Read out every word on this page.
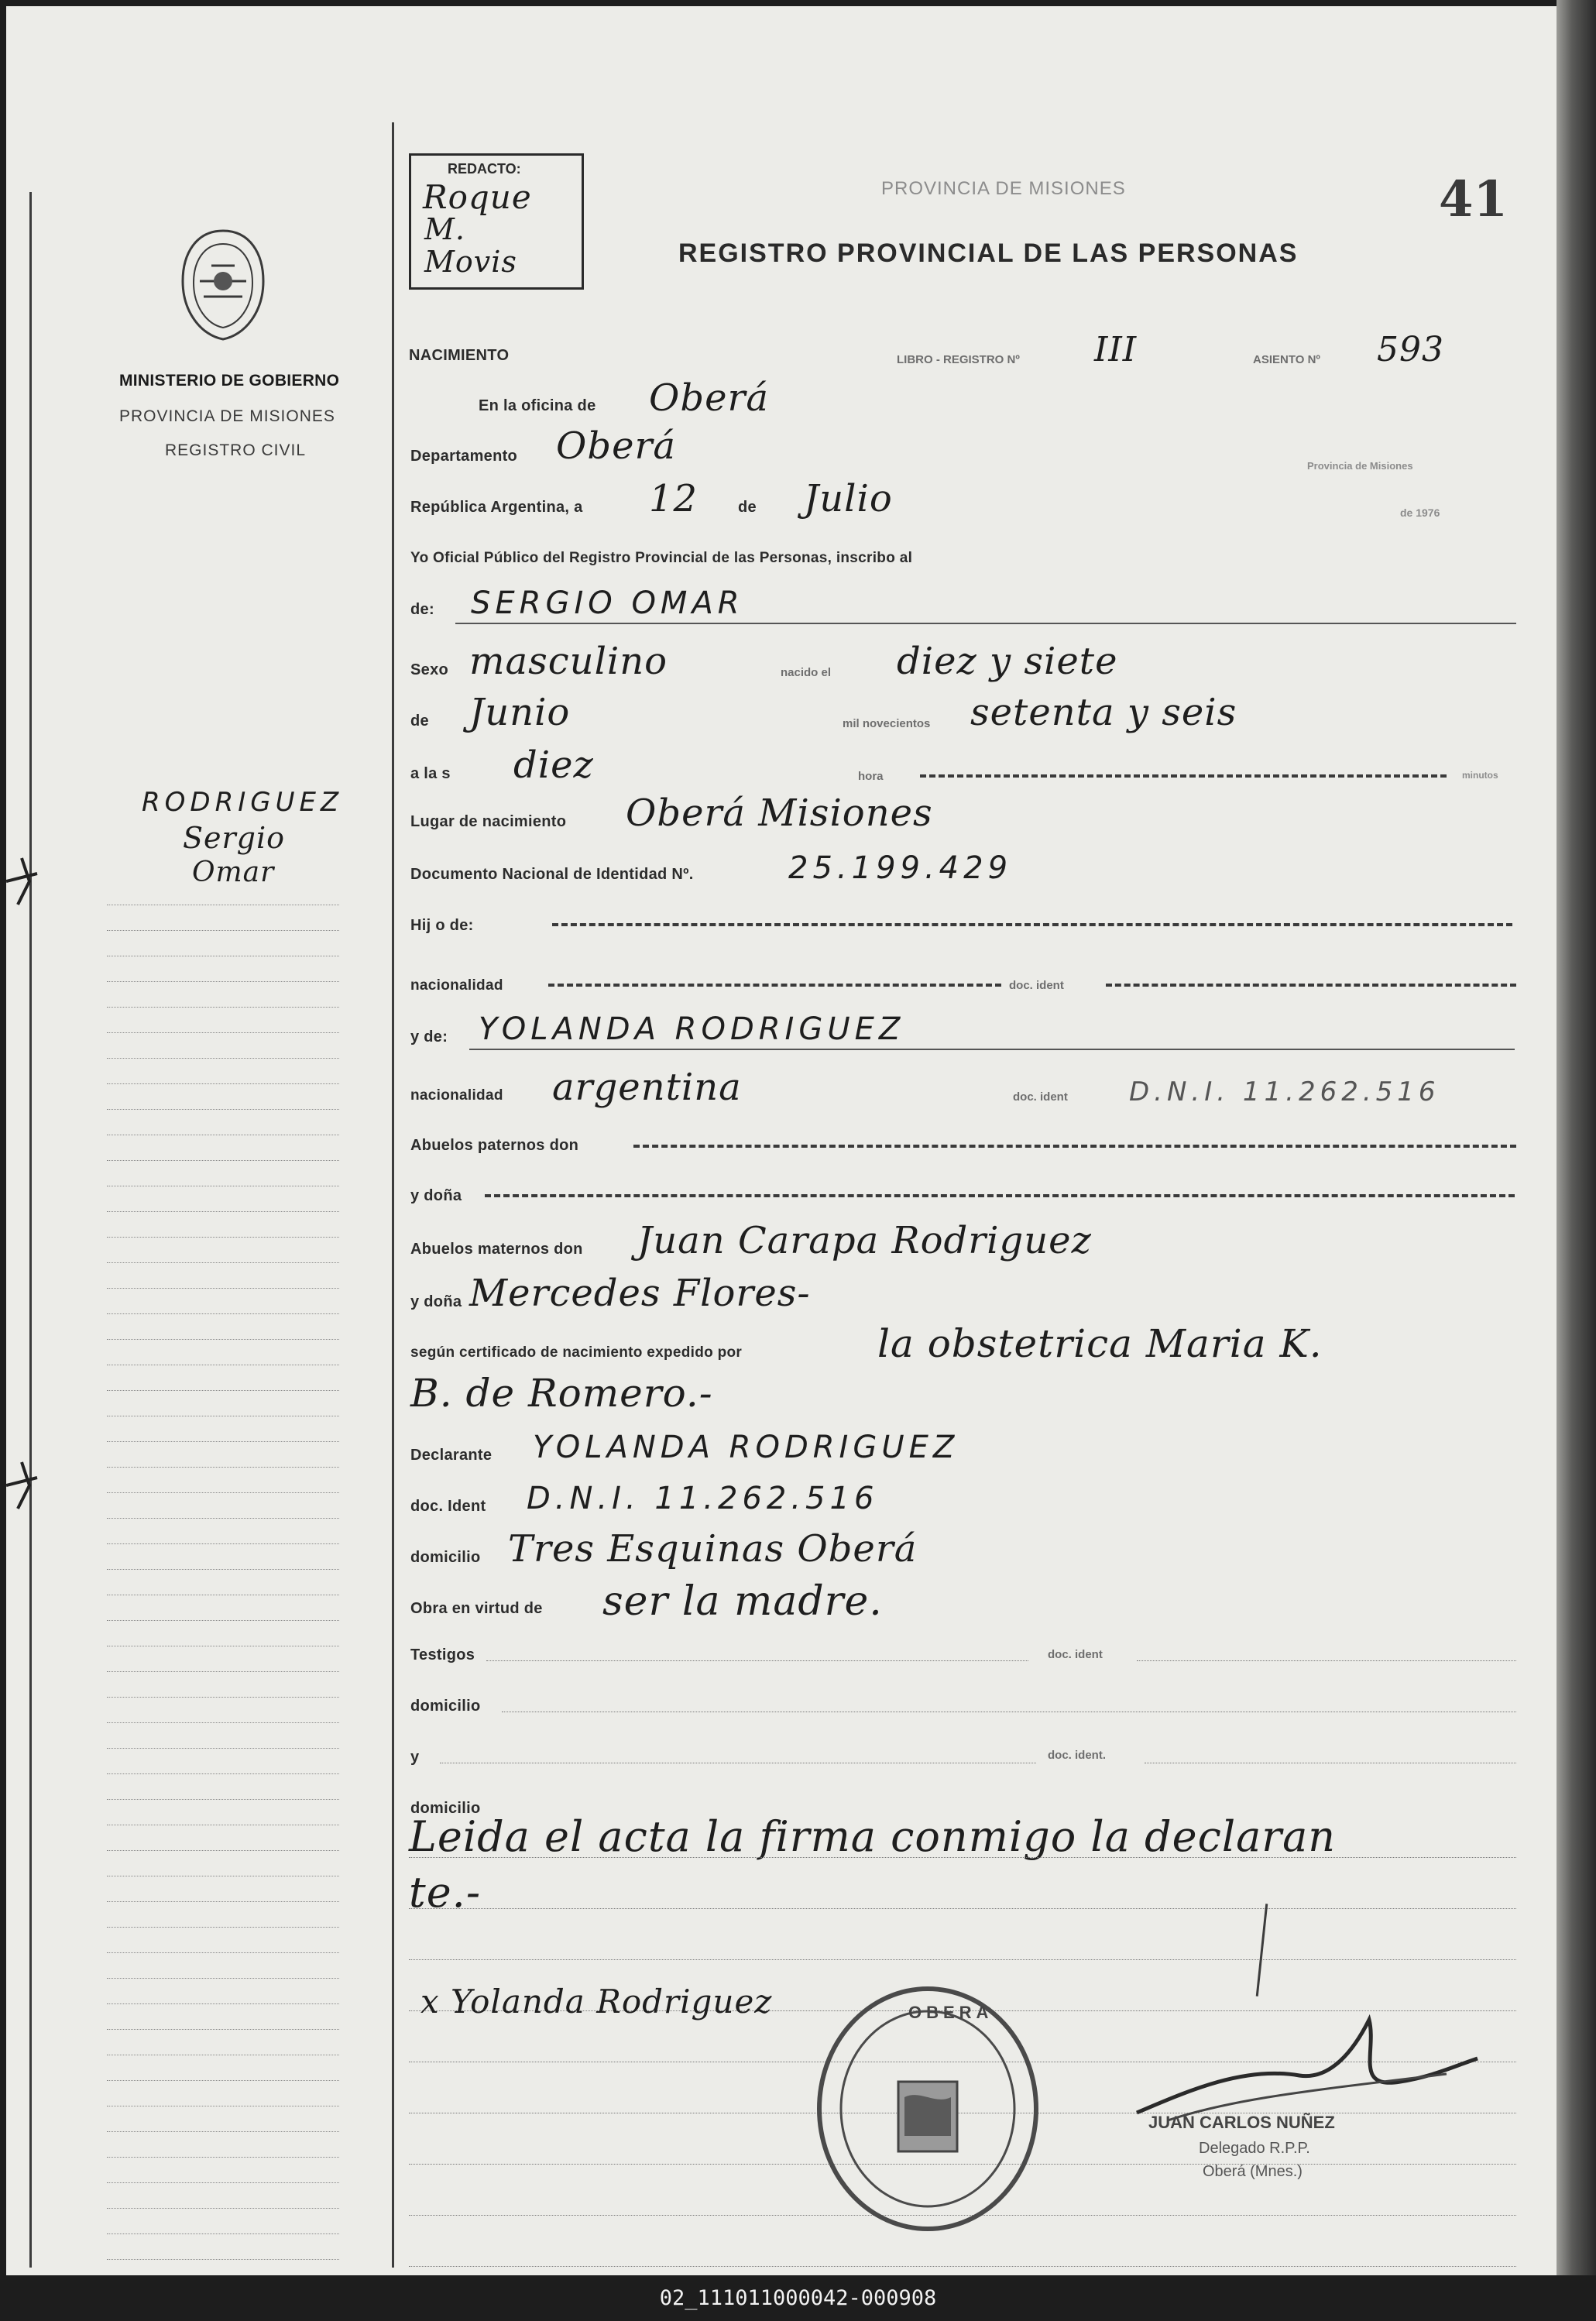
MINISTERIO DE GOBIERNO
PROVINCIA DE MISIONES
REGISTRO CIVIL
RODRIGUEZ
Sergio
Omar
REDACTO:
Roque
M.
Movis
PROVINCIA DE MISIONES
REGISTRO PROVINCIAL DE LAS PERSONAS
41
NACIMIENTO	LIBRO - REGISTRO Nº III	ASIENTO Nº 593
En la oficina de Oberá
Departamento Oberá	Provincia de Misiones
República Argentina, a 12	de Julio	de 1976
Yo Oficial Público del Registro Provincial de las Personas, inscribo al
de: SERGIO OMAR
Sexo masculino	nacido el diez y siete
de Junio	mil novecientos setenta y seis
a la s diez	hora	minutos
Lugar de nacimiento Oberá Misiones
Documento Nacional de Identidad Nº.	25.199.429
Hij o de:
nacionalidad	doc. ident
y de: YOLANDA RODRIGUEZ
nacionalidad argentina	doc. ident D.N.I. 11.262.516
Abuelos paternos don
y doña
Abuelos maternos don Juan Carapa Rodriguez
y doña Mercedes Flores-
según certificado de nacimiento expedido por	la obstetrica Maria K.
B. de Romero.-
Declarante YOLANDA RODRIGUEZ
doc. Ident D.N.I. 11.262.516
domicilio Tres Esquinas Oberá
Obra en virtud de ser la madre.
Testigos	doc. ident
domicilio
y	doc. ident.
domicilio
Leida el acta la firma conmigo la declaran
te.-
x Yolanda Rodriguez	OBERA
JUAN CARLOS NUÑEZ
Delegado R.P.P.
Oberá (Mnes.)
02_111011000042-000908
